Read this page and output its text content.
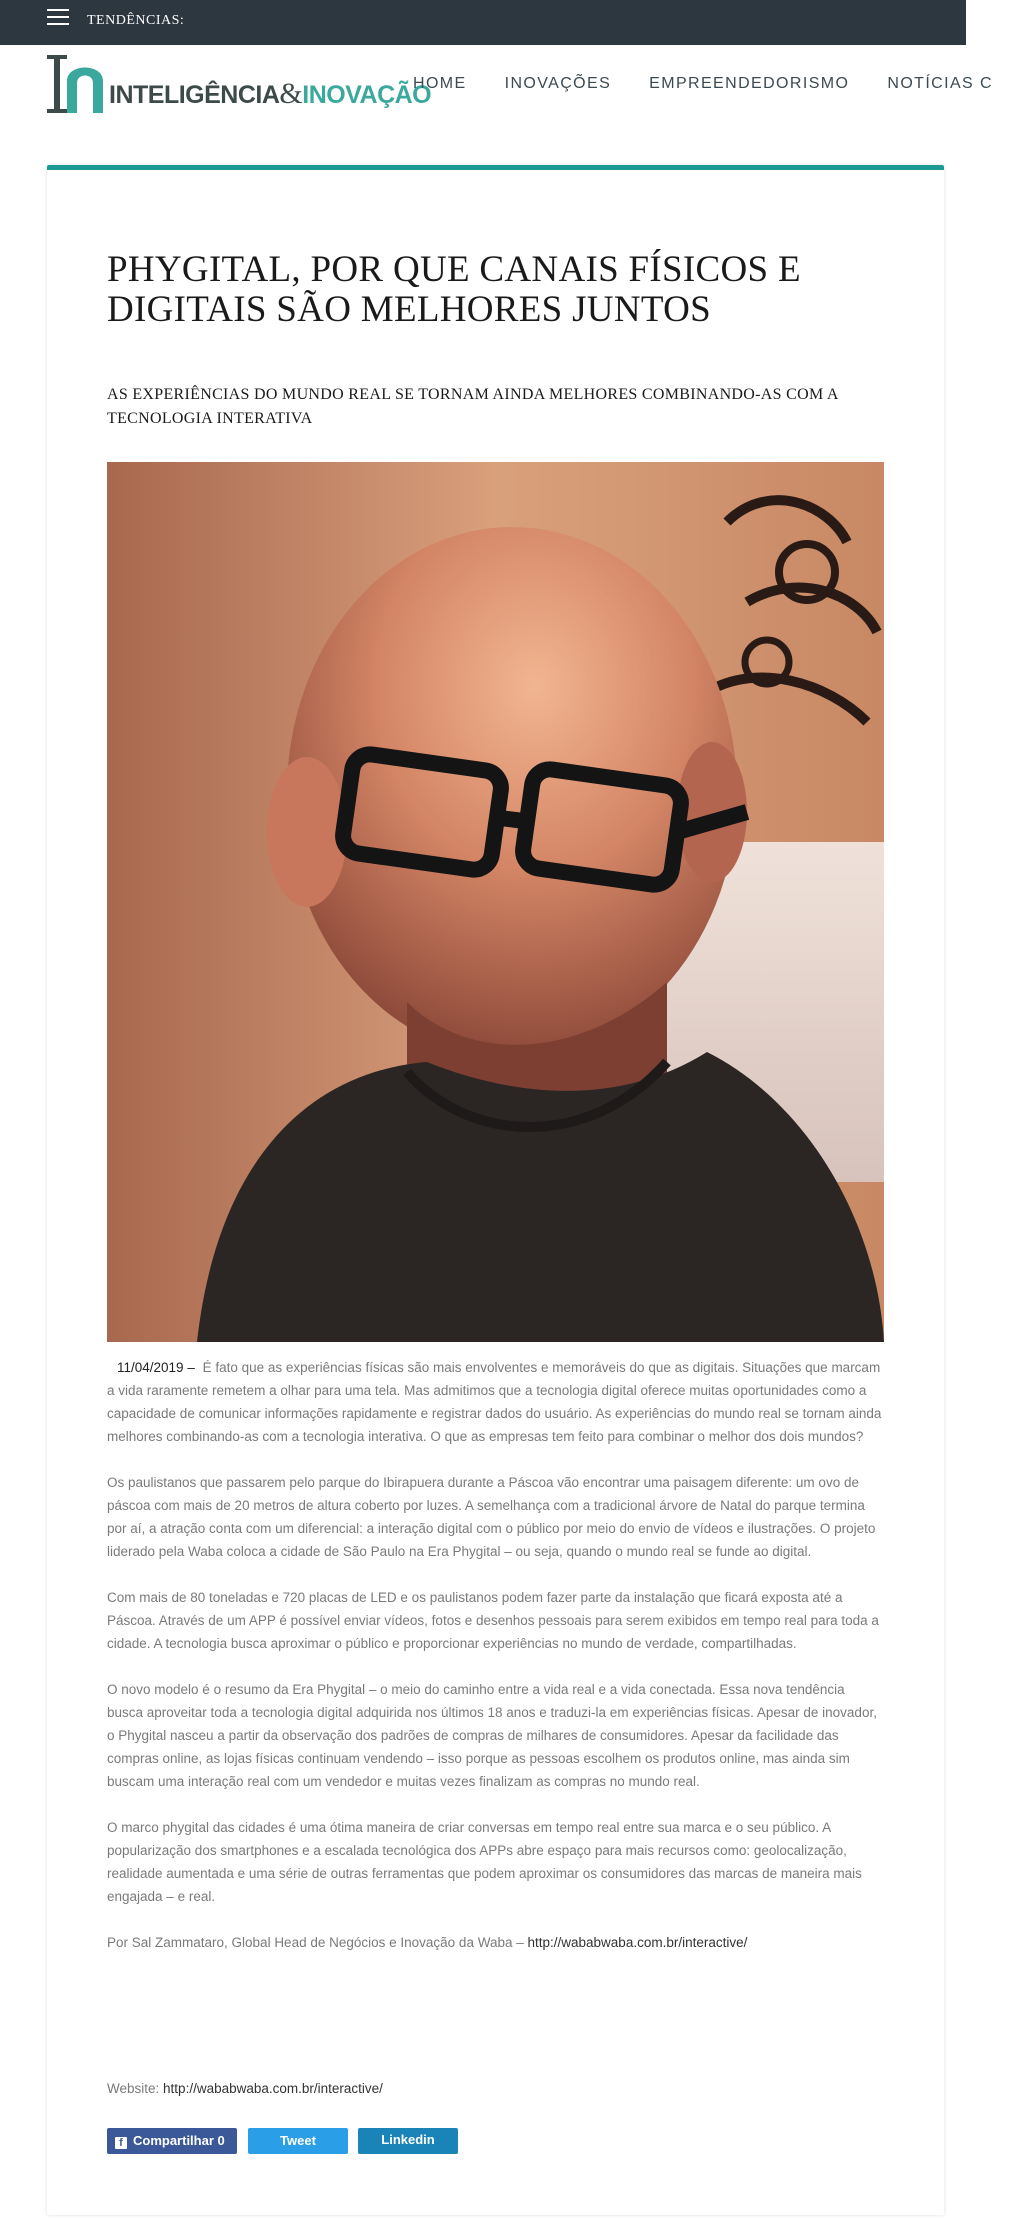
TENDÊNCIAS:
INTELIGÊNCIA&INOVAÇÃO
HOME INOVAÇÕES EMPREENDEDORISMO NOTÍCIAS C
PHYGITAL, POR QUE CANAIS FÍSICOS E DIGITAIS SÃO MELHORES JUNTOS
AS EXPERIÊNCIAS DO MUNDO REAL SE TORNAM AINDA MELHORES COMBINANDO-AS COM A TECNOLOGIA INTERATIVA

11/04/2019 – É fato que as experiências físicas são mais envolventes e memoráveis do que as digitais. Situações que marcam a vida raramente remetem a olhar para uma tela. Mas admitimos que a tecnologia digital oferece muitas oportunidades como a capacidade de comunicar informações rapidamente e registrar dados do usuário. As experiências do mundo real se tornam ainda melhores combinando-as com a tecnologia interativa. O que as empresas tem feito para combinar o melhor dos dois mundos?

Os paulistanos que passarem pelo parque do Ibirapuera durante a Páscoa vão encontrar uma paisagem diferente: um ovo de páscoa com mais de 20 metros de altura coberto por luzes. A semelhança com a tradicional árvore de Natal do parque termina por aí, a atração conta com um diferencial: a interação digital com o público por meio do envio de vídeos e ilustrações. O projeto liderado pela Waba coloca a cidade de São Paulo na Era Phygital – ou seja, quando o mundo real se funde ao digital.

Com mais de 80 toneladas e 720 placas de LED e os paulistanos podem fazer parte da instalação que ficará exposta até a Páscoa. Através de um APP é possível enviar vídeos, fotos e desenhos pessoais para serem exibidos em tempo real para toda a cidade. A tecnologia busca aproximar o público e proporcionar experiências no mundo de verdade, compartilhadas.

O novo modelo é o resumo da Era Phygital – o meio do caminho entre a vida real e a vida conectada. Essa nova tendência busca aproveitar toda a tecnologia digital adquirida nos últimos 18 anos e traduzi-la em experiências físicas. Apesar de inovador, o Phygital nasceu a partir da observação dos padrões de compras de milhares de consumidores. Apesar da facilidade das compras online, as lojas físicas continuam vendendo – isso porque as pessoas escolhem os produtos online, mas ainda sim buscam uma interação real com um vendedor e muitas vezes finalizam as compras no mundo real.

O marco phygital das cidades é uma ótima maneira de criar conversas em tempo real entre sua marca e o seu público. A popularização dos smartphones e a escalada tecnológica dos APPs abre espaço para mais recursos como: geolocalização, realidade aumentada e uma série de outras ferramentas que podem aproximar os consumidores das marcas de maneira mais engajada – e real.

Por Sal Zammataro, Global Head de Negócios e Inovação da Waba – http://wababwaba.com.br/interactive/

Website: http://wababwaba.com.br/interactive/
f Compartilhar 0	Tweet	Linkedin
